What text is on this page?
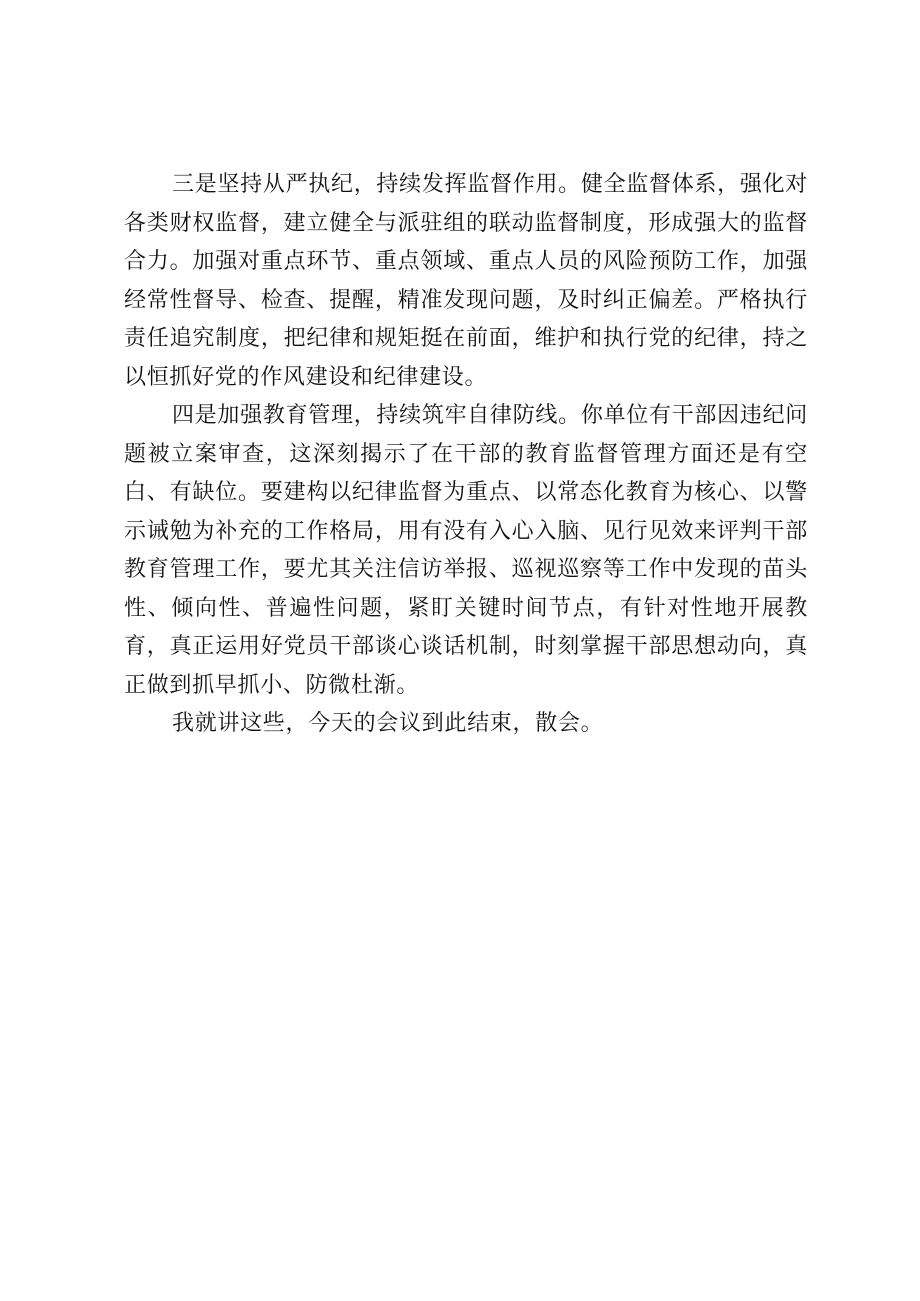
三是坚持从严执纪，持续发挥监督作用。健全监督体系，强化对各类财权监督，建立健全与派驻组的联动监督制度，形成强大的监督合力。加强对重点环节、重点领域、重点人员的风险预防工作，加强经常性督导、检查、提醒，精准发现问题，及时纠正偏差。严格执行责任追究制度，把纪律和规矩挺在前面，维护和执行党的纪律，持之以恒抓好党的作风建设和纪律建设。

四是加强教育管理，持续筑牢自律防线。你单位有干部因违纪问题被立案审查，这深刻揭示了在干部的教育监督管理方面还是有空白、有缺位。要建构以纪律监督为重点、以常态化教育为核心、以警示诫勉为补充的工作格局，用有没有入心入脑、见行见效来评判干部教育管理工作，要尤其关注信访举报、巡视巡察等工作中发现的苗头性、倾向性、普遍性问题，紧盯关键时间节点，有针对性地开展教育，真正运用好党员干部谈心谈话机制，时刻掌握干部思想动向，真正做到抓早抓小、防微杜渐。

我就讲这些，今天的会议到此结束，散会。
